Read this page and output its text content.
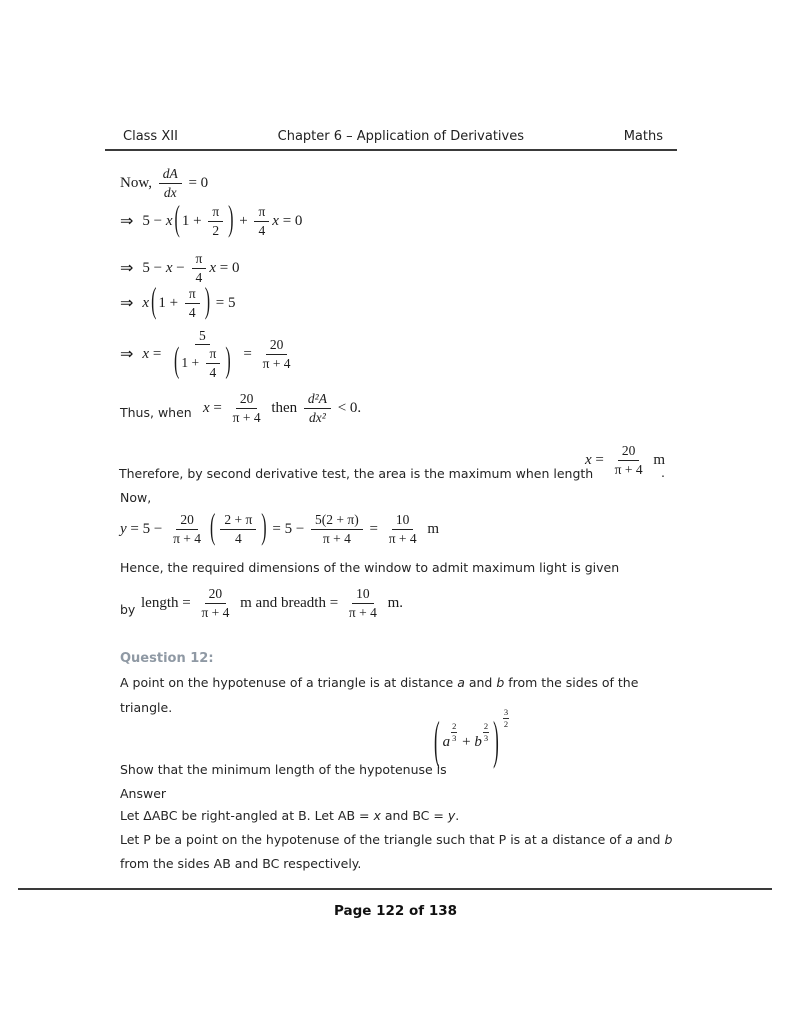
Class XII	Chapter 6 – Application of Derivatives	Maths
Now, $\frac{dA}{dx} = 0$
⇒ 5 − x ( $1 + \frac{\pi}{2}$ ) + $\frac{\pi}{4}$ x = 0
⇒ $5 - x - \frac{\pi}{4}$ x = 0
⇒ x ( $1 + \frac{\pi}{4}$ ) = 5
⇒ $x = \frac{5}{( 1 + \frac{\pi}{4} )} = \frac{20}{\pi + 4}$
Thus, when $x = \frac{20}{\pi + 4}$ then $\frac{\text{d²A}}{\text{dx²}} < 0$.
Therefore, by second derivative test, the area is the maximum when length
$x = \frac{20}{\pi + 4}$ m
.
Now,
$y = 5 - \frac{20}{\pi + 4}$ ( $\frac{2 + \pi}{4}$ ) = $5 - \frac{5(2 + \pi)}{\pi + 4} = \frac{10}{\pi + 4}$ m
Hence, the required dimensions of the window to admit maximum light is given
by length = $\frac{20}{\pi + 4}$ m and breadth = $\frac{10}{\pi + 4} m$.
Question 12:
A point on the hypotenuse of a triangle is at distance a and b from the sides of the
triangle.
Show that the minimum length of the hypotenuse is
( a
2
3 + b
2
3 ) 3
2
Answer
Let ΔABC be right-angled at B. Let AB = x and BC = y .
Let P be a point on the hypotenuse of the triangle such that P is at a distance of a and b
from the sides AB and BC respectively.
Page 122 of 138
